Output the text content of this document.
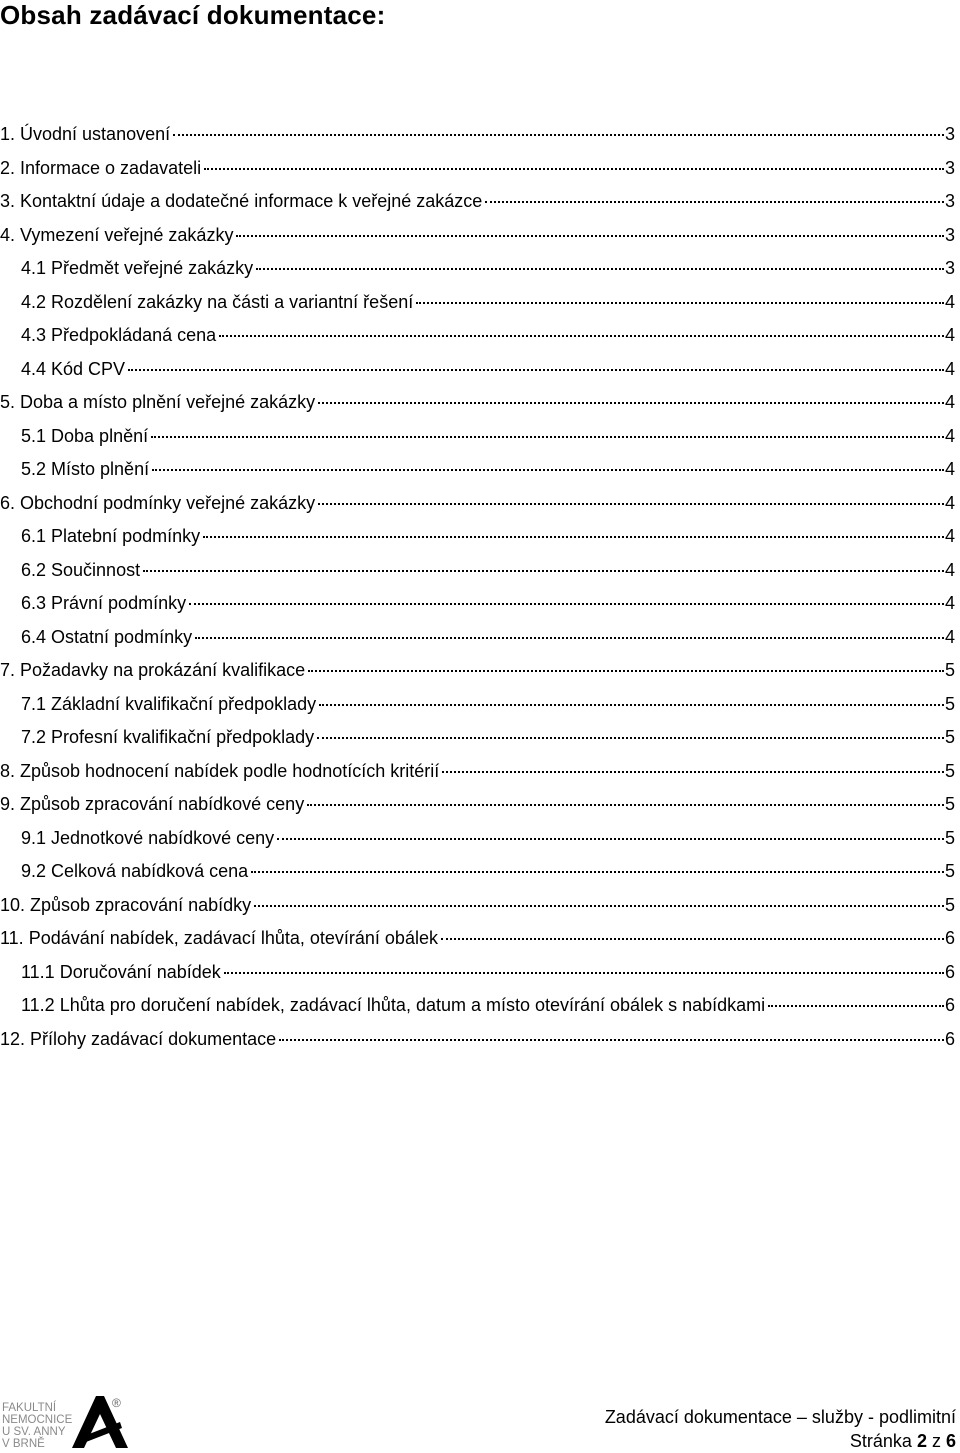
Obsah zadávací dokumentace:
1. Úvodní ustanovení	3
2. Informace o zadavateli	3
3. Kontaktní údaje a dodatečné informace k veřejné zakázce	3
4. Vymezení veřejné zakázky	3
4.1 Předmět veřejné zakázky	3
4.2 Rozdělení zakázky na části a variantní řešení	4
4.3 Předpokládaná cena	4
4.4 Kód CPV	4
5. Doba a místo plnění veřejné zakázky	4
5.1 Doba plnění	4
5.2 Místo plnění	4
6. Obchodní podmínky veřejné zakázky	4
6.1 Platební podmínky	4
6.2 Součinnost	4
6.3 Právní podmínky	4
6.4 Ostatní podmínky	4
7. Požadavky na prokázání kvalifikace	5
7.1 Základní kvalifikační předpoklady	5
7.2 Profesní kvalifikační předpoklady	5
8. Způsob hodnocení nabídek podle hodnotících kritérií	5
9. Způsob zpracování nabídkové ceny	5
9.1 Jednotkové nabídkové ceny	5
9.2 Celková nabídková cena	5
10. Způsob zpracování nabídky	5
11. Podávání nabídek, zadávací lhůta, otevírání obálek	6
11.1 Doručování nabídek	6
11.2 Lhůta pro doručení nabídek, zadávací lhůta, datum a místo otevírání obálek s nabídkami	6
12. Přílohy zadávací dokumentace	6
FAKULTNÍ
NEMOCNICE
U SV. ANNY
V BRNĚ
®
Zadávací dokumentace – služby - podlimitní
Stránka 2 z 6
